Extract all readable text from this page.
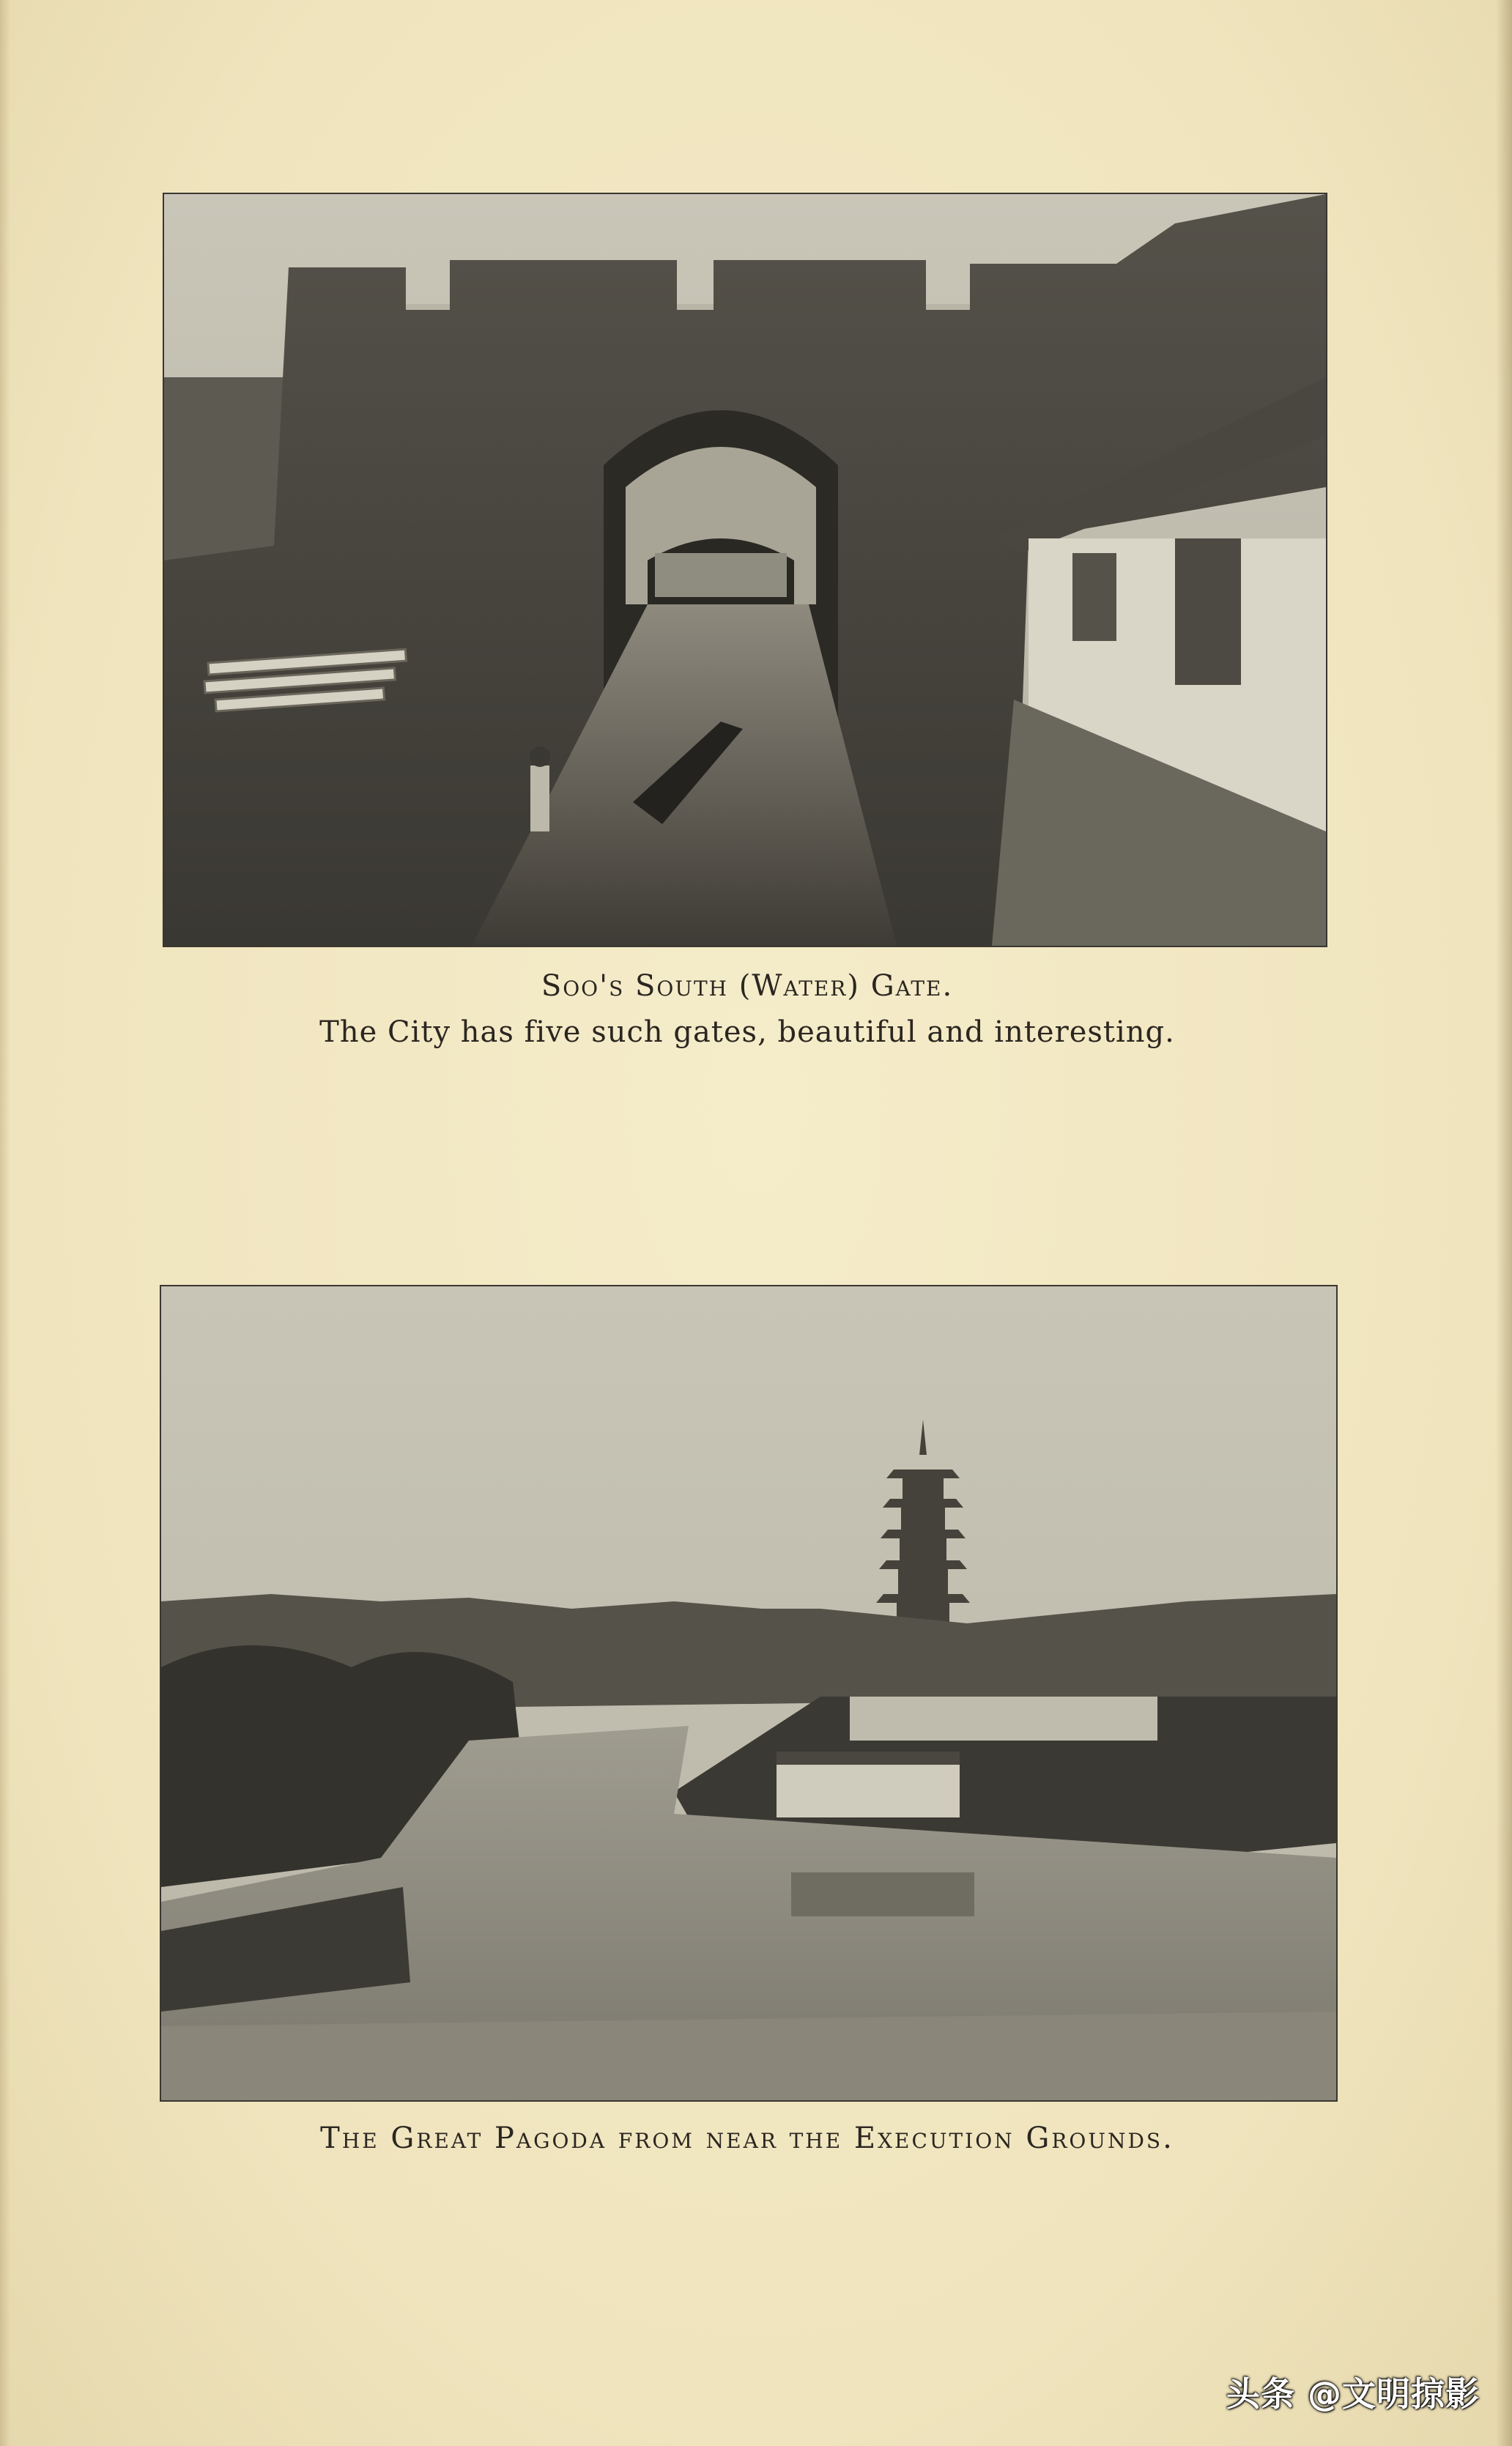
Soo's South (Water) Gate.
The City has five such gates, beautiful and interesting.
The Great Pagoda from near the Execution Grounds.
头条 @文明掠影
